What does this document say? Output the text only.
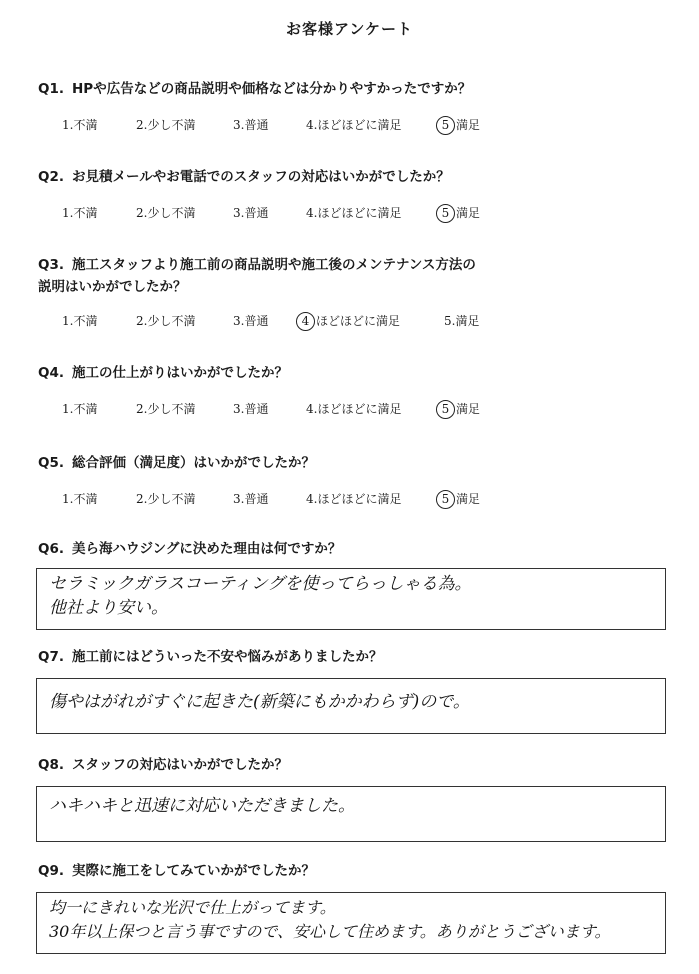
お客様アンケート
Q1. HPや広告などの商品説明や価格などは分かりやすかったですか？
1.不満	2.少し不満	3.普通	4.ほどほどに満足	5 満足
Q2. お見積メールやお電話でのスタッフの対応はいかがでしたか？
1.不満	2.少し不満	3.普通	4.ほどほどに満足	5 満足
Q3. 施工スタッフより施工前の商品説明や施工後のメンテナンス方法の
説明はいかがでしたか？
1.不満	2.少し不満	3.普通	4 ほどほどに満足	5.満足
Q4. 施工の仕上がりはいかがでしたか？
1.不満	2.少し不満	3.普通	4.ほどほどに満足	5 満足
Q5. 総合評価（満足度）はいかがでしたか？
1.不満	2.少し不満	3.普通	4.ほどほどに満足	5 満足
Q6. 美ら海ハウジングに決めた理由は何ですか？
セラミックガラスコーティングを使ってらっしゃる為。
他社より安い。
Q7. 施工前にはどういった不安や悩みがありましたか？
傷やはがれがすぐに起きた(新築にもかかわらず)ので。
Q8. スタッフの対応はいかがでしたか？
ハキハキと迅速に対応いただきました。
Q9. 実際に施工をしてみていかがでしたか？
均一にきれいな光沢で仕上がってます。
30年以上保つと言う事ですので、安心して住めます。ありがとうございます。
